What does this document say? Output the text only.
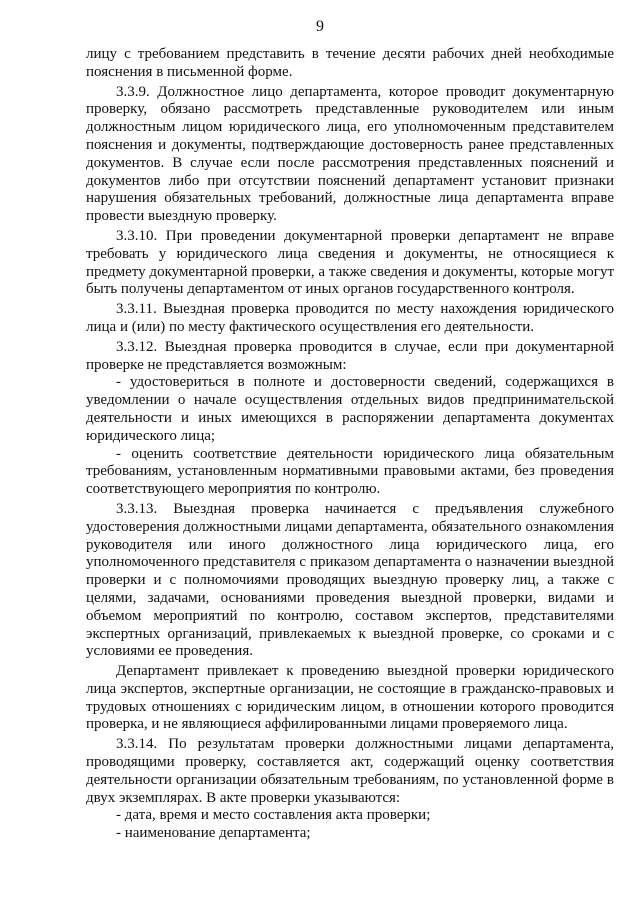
9

лицу с требованием представить в течение десяти рабочих дней необходимые пояснения в письменной форме.

3.3.9. Должностное лицо департамента, которое проводит документарную проверку, обязано рассмотреть представленные руководителем или иным должностным лицом юридического лица, его уполномоченным представителем пояснения и документы, подтверждающие достоверность ранее представленных документов. В случае если после рассмотрения представленных пояснений и документов либо при отсутствии пояснений департамент установит признаки нарушения обязательных требований, должностные лица департамента вправе провести выездную проверку.

3.3.10. При проведении документарной проверки департамент не вправе требовать у юридического лица сведения и документы, не относящиеся к предмету документарной проверки, а также сведения и документы, которые могут быть получены департаментом от иных органов государственного контроля.

3.3.11. Выездная проверка проводится по месту нахождения юридического лица и (или) по месту фактического осуществления его деятельности.

3.3.12. Выездная проверка проводится в случае, если при документарной проверке не представляется возможным:

- удостовериться в полноте и достоверности сведений, содержащихся в уведомлении о начале осуществления отдельных видов предпринимательской деятельности и иных имеющихся в распоряжении департамента документах юридического лица;

- оценить соответствие деятельности юридического лица обязательным требованиям, установленным нормативными правовыми актами, без проведения соответствующего мероприятия по контролю.

3.3.13. Выездная проверка начинается с предъявления служебного удостоверения должностными лицами департамента, обязательного ознакомления руководителя или иного должностного лица юридического лица, его уполномоченного представителя с приказом департамента о назначении выездной проверки и с полномочиями проводящих выездную проверку лиц, а также с целями, задачами, основаниями проведения выездной проверки, видами и объемом мероприятий по контролю, составом экспертов, представителями экспертных организаций, привлекаемых к выездной проверке, со сроками и с условиями ее проведения.

Департамент привлекает к проведению выездной проверки юридического лица экспертов, экспертные организации, не состоящие в гражданско-правовых и трудовых отношениях с юридическим лицом, в отношении которого проводится проверка, и не являющиеся аффилированными лицами проверяемого лица.

3.3.14. По результатам проверки должностными лицами департамента, проводящими проверку, составляется акт, содержащий оценку соответствия деятельности организации обязательным требованиям, по установленной форме в двух экземплярах. В акте проверки указываются:

- дата, время и место составления акта проверки;

- наименование департамента;
